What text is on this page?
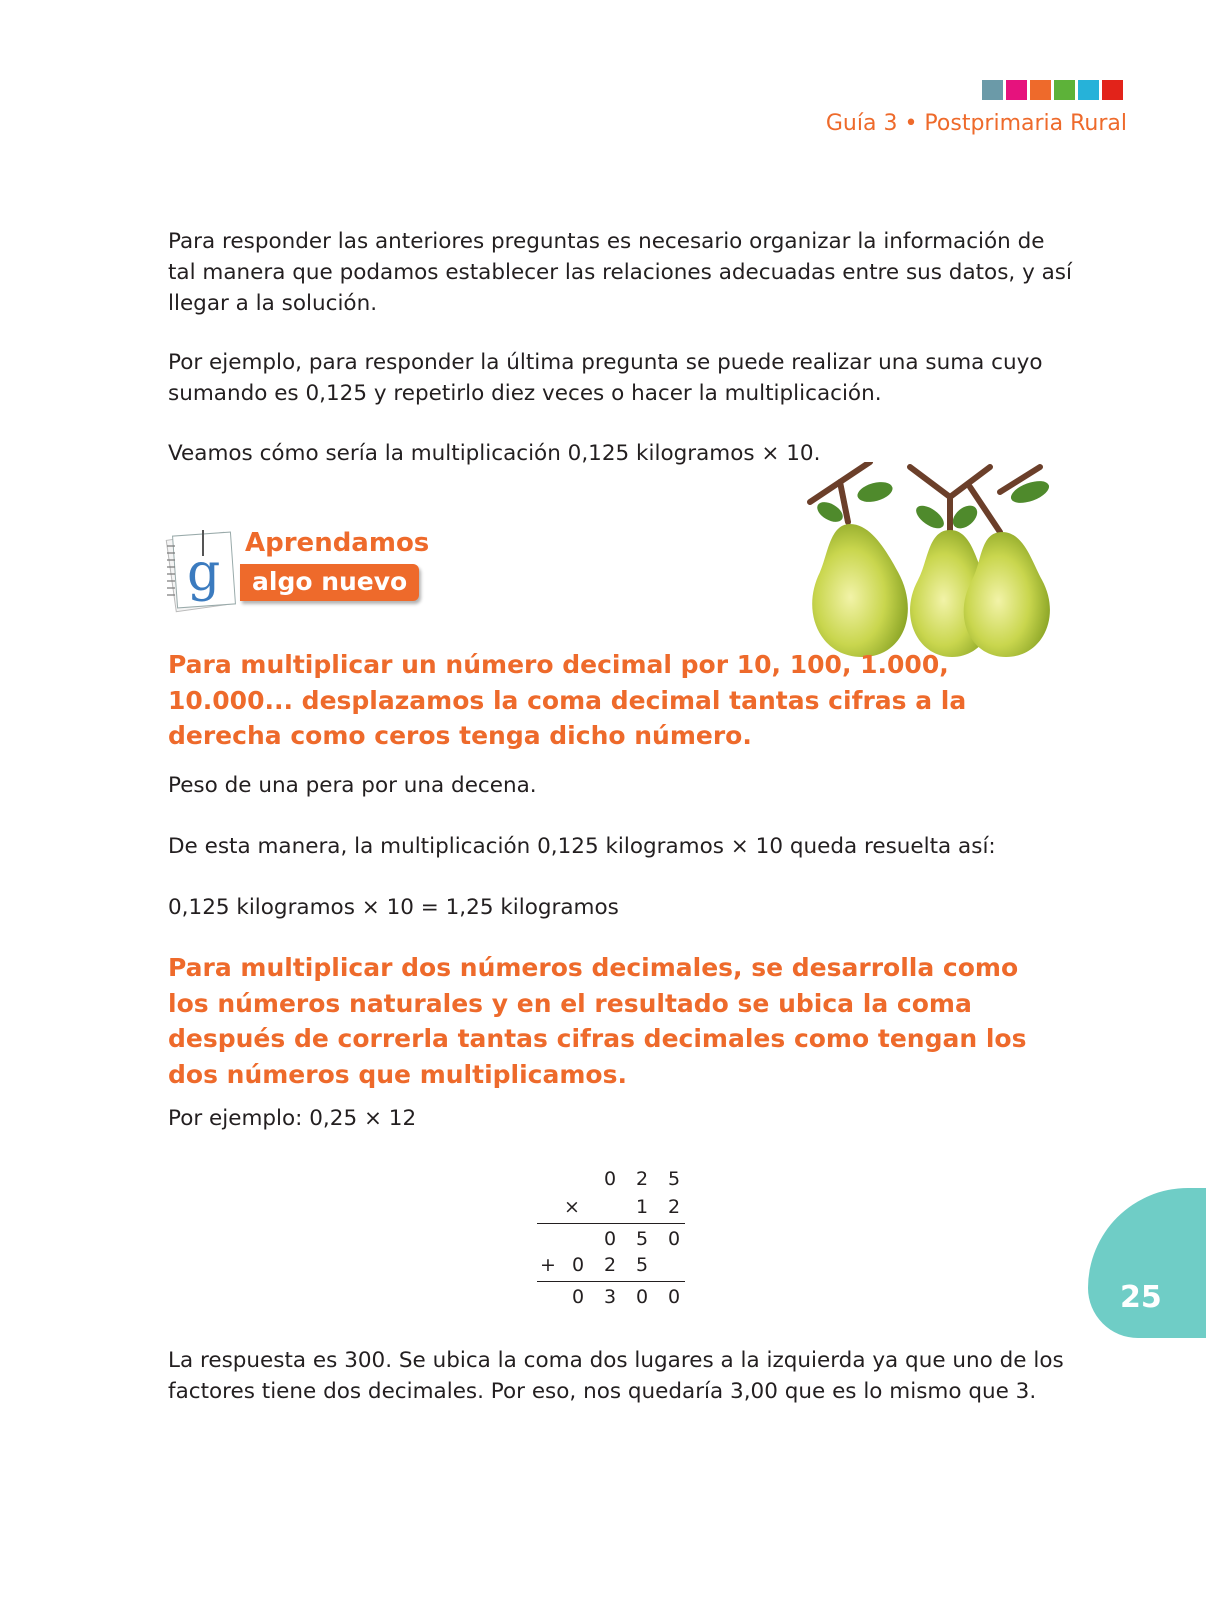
Guía 3 • Postprimaria Rural

Para responder las anteriores preguntas es necesario organizar la información de tal manera que podamos establecer las relaciones adecuadas entre sus datos, y así llegar a la solución.

Por ejemplo, para responder la última pregunta se puede realizar una suma cuyo sumando es 0,125 y repetirlo diez veces o hacer la multiplicación.

Veamos cómo sería la multiplicación 0,125 kilogramos × 10.

g Aprendamos
algo nuevo

Para multiplicar un número decimal por 10, 100, 1.000, 10.000... desplazamos la coma decimal tantas cifras a la derecha como ceros tenga dicho número.

Peso de una pera por una decena.

De esta manera, la multiplicación 0,125 kilogramos × 10 queda resuelta así:

0,125 kilogramos × 10 = 1,25 kilogramos

Para multiplicar dos números decimales, se desarrolla como los números naturales y en el resultado se ubica la coma después de correrla tantas cifras decimales como tengan los dos números que multiplicamos.

Por ejemplo: 0,25 × 12

0 2 5
×	1 2
0 5 0
+ 0 2 5
0 3 0 0

La respuesta es 300. Se ubica la coma dos lugares a la izquierda ya que uno de los factores tiene dos decimales. Por eso, nos quedaría 3,00 que es lo mismo que 3.

25
